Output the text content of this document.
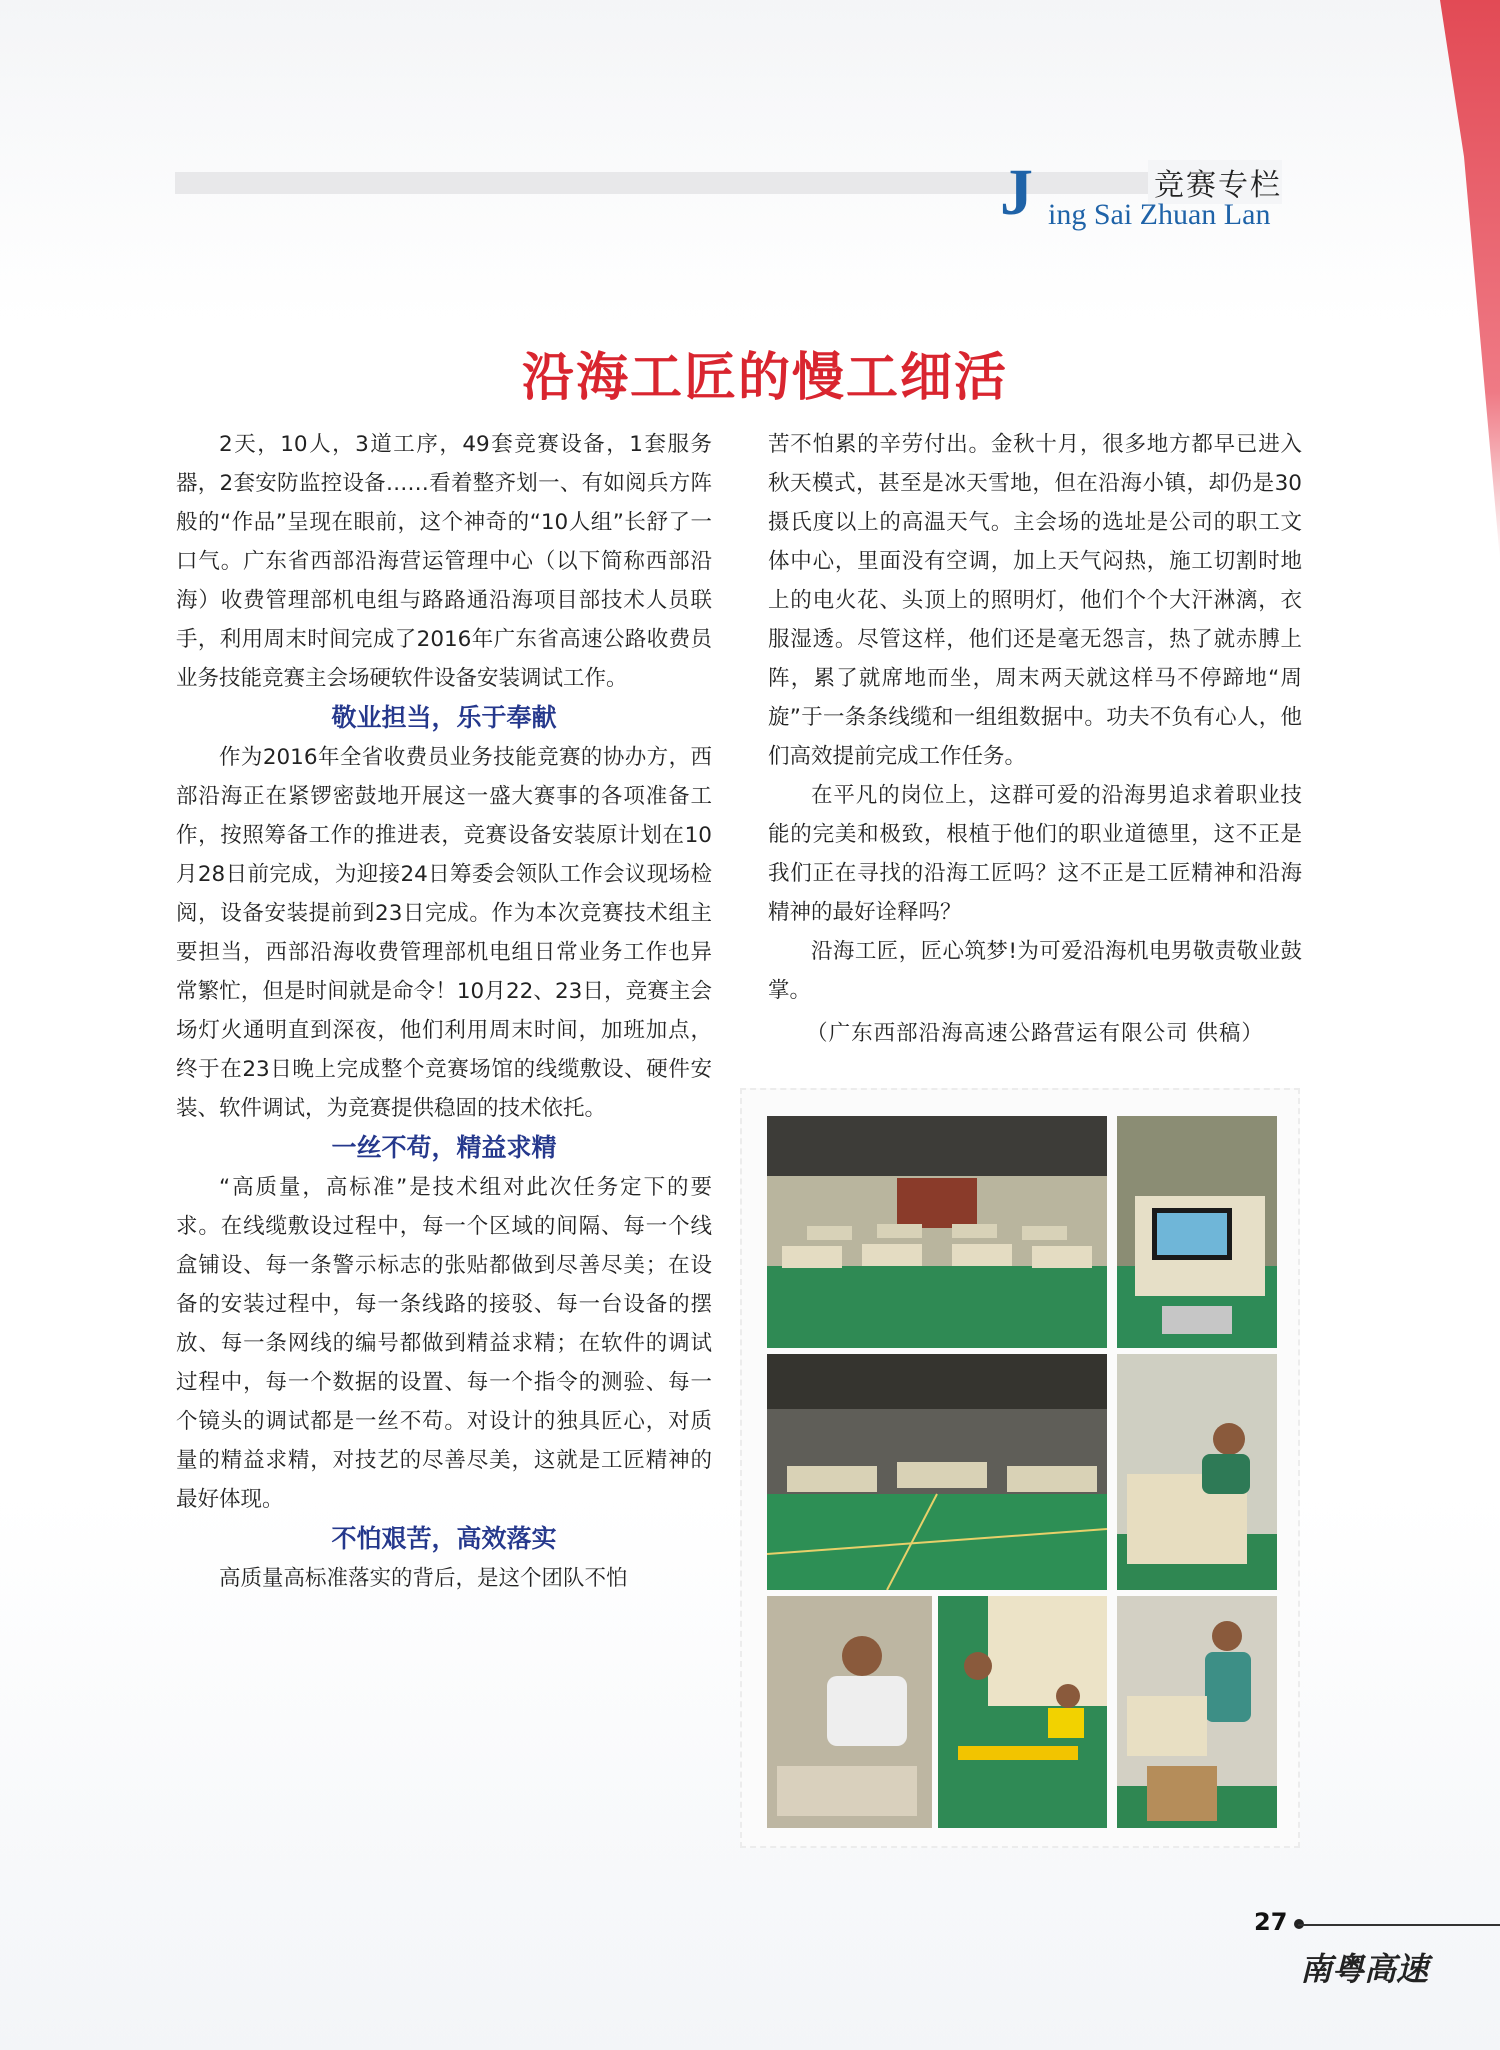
J	竞赛专栏
ing Sai Zhuan Lan
沿海工匠的慢工细活

2天，10人，3道工序，49套竞赛设备，1套服务器，2套安防监控设备……看着整齐划一、有如阅兵方阵般的“作品”呈现在眼前，这个神奇的“10人组”长舒了一口气。广东省西部沿海营运管理中心（以下简称西部沿海）收费管理部机电组与路路通沿海项目部技术人员联手，利用周末时间完成了2016年广东省高速公路收费员业务技能竞赛主会场硬软件设备安装调试工作。

敬业担当，乐于奉献

作为2016年全省收费员业务技能竞赛的协办方，西部沿海正在紧锣密鼓地开展这一盛大赛事的各项准备工作，按照筹备工作的推进表，竞赛设备安装原计划在10月28日前完成，为迎接24日筹委会领队工作会议现场检阅，设备安装提前到23日完成。作为本次竞赛技术组主要担当，西部沿海收费管理部机电组日常业务工作也异常繁忙，但是时间就是命令！10月22、23日，竞赛主会场灯火通明直到深夜，他们利用周末时间，加班加点，终于在23日晚上完成整个竞赛场馆的线缆敷设、硬件安装、软件调试，为竞赛提供稳固的技术依托。

一丝不苟，精益求精

“高质量，高标准”是技术组对此次任务定下的要求。在线缆敷设过程中，每一个区域的间隔、每一个线盒铺设、每一条警示标志的张贴都做到尽善尽美；在设备的安装过程中，每一条线路的接驳、每一台设备的摆放、每一条网线的编号都做到精益求精；在软件的调试过程中，每一个数据的设置、每一个指令的测验、每一个镜头的调试都是一丝不苟。对设计的独具匠心，对质量的精益求精，对技艺的尽善尽美，这就是工匠精神的最好体现。

不怕艰苦，高效落实

高质量高标准落实的背后，是这个团队不怕

苦不怕累的辛劳付出。金秋十月，很多地方都早已进入秋天模式，甚至是冰天雪地，但在沿海小镇，却仍是30摄氏度以上的高温天气。主会场的选址是公司的职工文体中心，里面没有空调，加上天气闷热，施工切割时地上的电火花、头顶上的照明灯，他们个个大汗淋漓，衣服湿透。尽管这样，他们还是毫无怨言，热了就赤膊上阵，累了就席地而坐，周末两天就这样马不停蹄地“周旋”于一条条线缆和一组组数据中。功夫不负有心人，他们高效提前完成工作任务。

在平凡的岗位上，这群可爱的沿海男追求着职业技能的完美和极致，根植于他们的职业道德里，这不正是我们正在寻找的沿海工匠吗？这不正是工匠精神和沿海精神的最好诠释吗？

沿海工匠，匠心筑梦!为可爱沿海机电男敬责敬业鼓掌。

（广东西部沿海高速公路营运有限公司 供稿）

27
南粤高速
